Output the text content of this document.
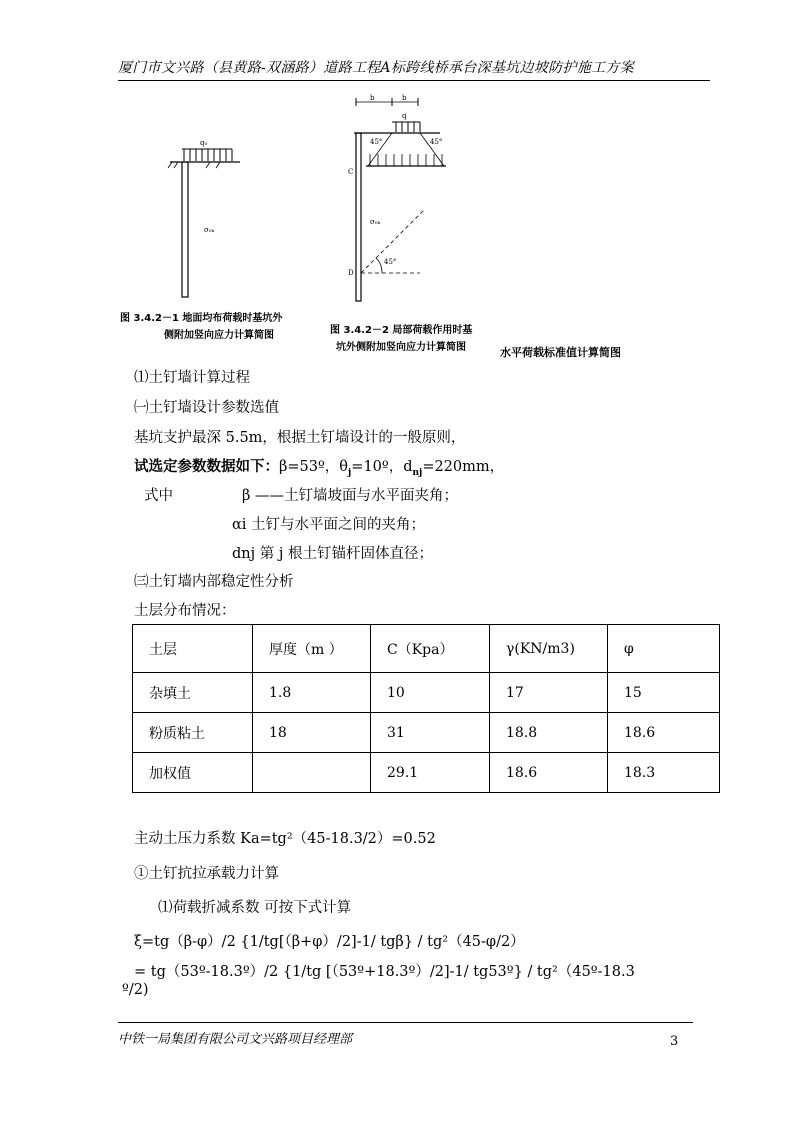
厦门市文兴路（县黄路-双涵路）道路工程A标跨线桥承台深基坑边坡防护施工方案
q₀
σ₀ₖ
图 3.4.2－1 地面均布荷载时基坑外
侧附加竖向应力计算简图
b	b
q
45°	45°
C
D
45°
σ₀ₖ
图 3.4.2－2 局部荷载作用时基
坑外侧附加竖向应力计算简图	水平荷载标准值计算简图
⑴土钉墙计算过程
㈠土钉墙设计参数选值
基坑支护最深 5.5m，根据土钉墙设计的一般原则，
试选定参数数据如下：β=53º，$\theta_j=10º$，$d_{nj}=220mm$，
式中	β ——土钉墙坡面与水平面夹角；
αi 土钉与水平面之间的夹角；
dnj 第 j 根土钉锚杆固体直径；
㈢土钉墙内部稳定性分析
土层分布情况：
土层	厚度（m ）	C（Kpa）	γ(KN/m3)	φ
杂填土	1.8	10	17	15
粉质粘土	18	31	18.8	18.6
加权值		29.1	18.6	18.3
主动土压力系数 Ka=tg²（45-18.3/2）=0.52
①土钉抗拉承载力计算
⑴荷载折减系数 可按下式计算
ξ=tg（β-φ）/2 {1/tg[（β+φ）/2]-1/ tgβ} / tg²（45-φ/2）
= tg（53º-18.3º）/2 {1/tg [（53º+18.3º）/2]-1/ tg53º} / tg²（45º-18.3
º/2)
中铁一局集团有限公司文兴路项目经理部	3
